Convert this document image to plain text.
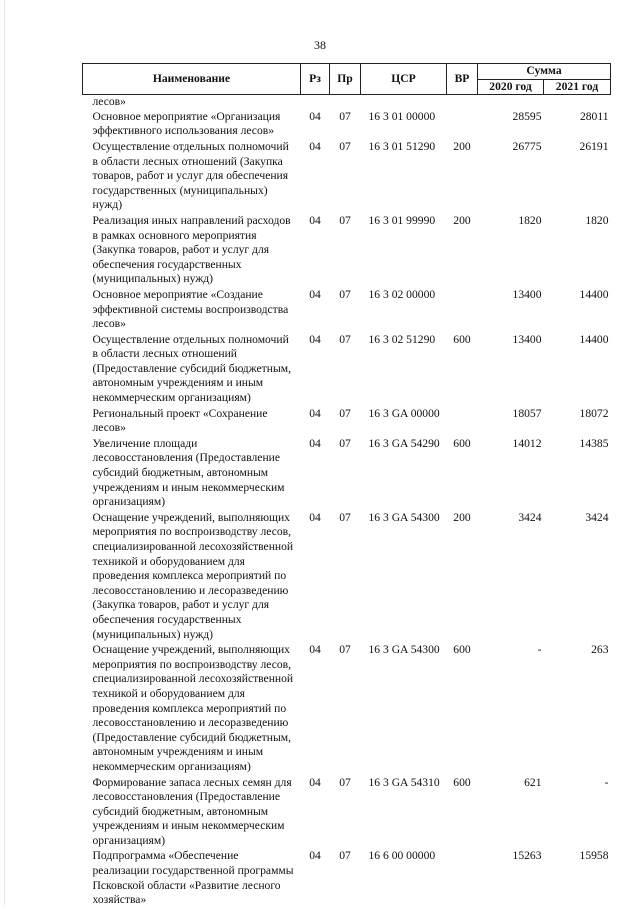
38
Наименование	Рз	Пр	ЦСР	ВР	Сумма	
					2020 год	2021 год
лесов»						
Основное мероприятие «Организация эффективного использования лесов»	04	07	16 3 01 00000		28595	28011
Осуществление отдельных полномочий в области лесных отношений (Закупка товаров, работ и услуг для обеспечения государственных (муниципальных) нужд)	04	07	16 3 01 51290	200	26775	26191
Реализация иных направлений расходов в рамках основного мероприятия (Закупка товаров, работ и услуг для обеспечения государственных (муниципальных) нужд)	04	07	16 3 01 99990	200	1820	1820
Основное мероприятие «Создание эффективной системы воспроизводства лесов»	04	07	16 3 02 00000		13400	14400
Осуществление отдельных полномочий в области лесных отношений (Предоставление субсидий бюджетным, автономным учреждениям и иным некоммерческим организациям)	04	07	16 3 02 51290	600	13400	14400
Региональный проект «Сохранение лесов»	04	07	16 3 GA 00000		18057	18072
Увеличение площади лесовосстановления (Предоставление субсидий бюджетным, автономным учреждениям и иным некоммерческим организациям)	04	07	16 3 GA 54290	600	14012	14385
Оснащение учреждений, выполняющих мероприятия по воспроизводству лесов, специализированной лесохозяйственной техникой и оборудованием для проведения комплекса мероприятий по лесовосстановлению и лесоразведению (Закупка товаров, работ и услуг для обеспечения государственных (муниципальных) нужд)	04	07	16 3 GA 54300	200	3424	3424
Оснащение учреждений, выполняющих мероприятия по воспроизводству лесов, специализированной лесохозяйственной техникой и оборудованием для проведения комплекса мероприятий по лесовосстановлению и лесоразведению (Предоставление субсидий бюджетным, автономным учреждениям и иным некоммерческим организациям)	04	07	16 3 GA 54300	600	-	263
Формирование запаса лесных семян для лесовосстановления (Предоставление субсидий бюджетным, автономным учреждениям и иным некоммерческим организациям)	04	07	16 3 GA 54310	600	621	-
Подпрограмма «Обеспечение реализации государственной программы Псковской области «Развитие лесного хозяйства»	04	07	16 6 00 00000		15263	15958
